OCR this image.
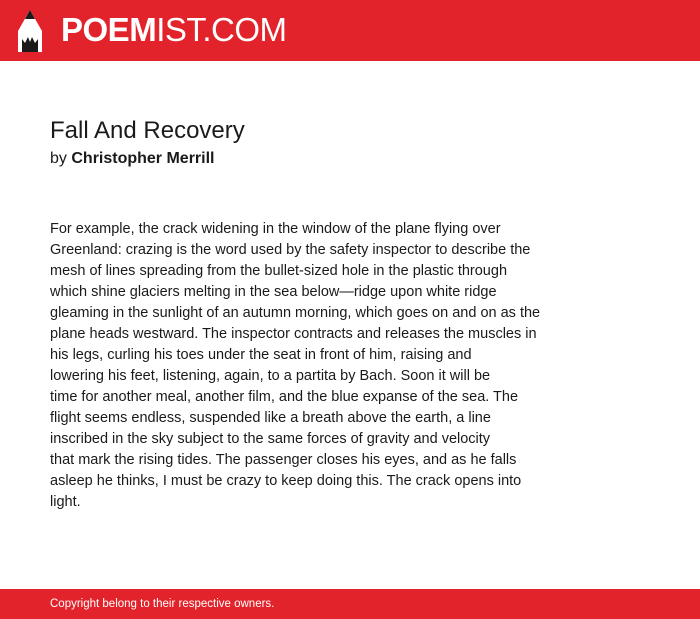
POEMIST.COM
Fall And Recovery
by Christopher Merrill
For example, the crack widening in the window of the plane flying over
Greenland: crazing is the word used by the safety inspector to describe the
mesh of lines spreading from the bullet-sized hole in the plastic through
which shine glaciers melting in the sea below—ridge upon white ridge
gleaming in the sunlight of an autumn morning, which goes on and on as the
plane heads westward. The inspector contracts and releases the muscles in
his legs, curling his toes under the seat in front of him, raising and
lowering his feet, listening, again, to a partita by Bach. Soon it will be
time for another meal, another film, and the blue expanse of the sea. The
flight seems endless, suspended like a breath above the earth, a line
inscribed in the sky subject to the same forces of gravity and velocity
that mark the rising tides. The passenger closes his eyes, and as he falls
asleep he thinks, I must be crazy to keep doing this. The crack opens into
light.
Copyright belong to their respective owners.
